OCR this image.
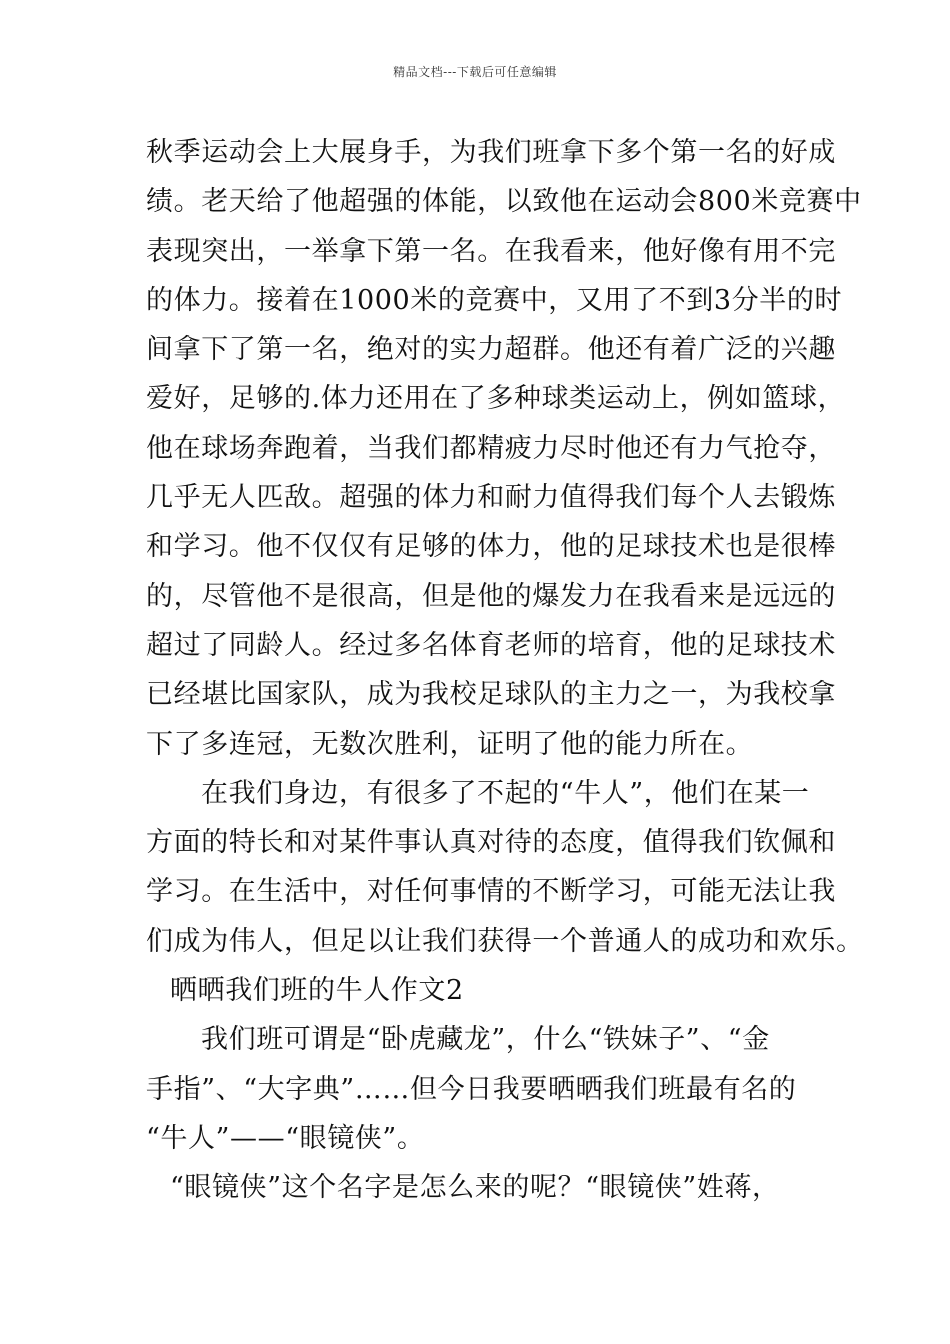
精品文档---下载后可任意编辑
秋季运动会上大展身手，为我们班拿下多个第一名的好成
绩。老天给了他超强的体能，以致他在运动会800米竞赛中
表现突出，一举拿下第一名。在我看来，他好像有用不完
的体力。接着在1000米的竞赛中，又用了不到3分半的时
间拿下了第一名，绝对的实力超群。他还有着广泛的兴趣
爱好，足够的.体力还用在了多种球类运动上，例如篮球，
他在球场奔跑着，当我们都精疲力尽时他还有力气抢夺，
几乎无人匹敌。超强的体力和耐力值得我们每个人去锻炼
和学习。他不仅仅有足够的体力，他的足球技术也是很棒
的，尽管他不是很高，但是他的爆发力在我看来是远远的
超过了同龄人。经过多名体育老师的培育，他的足球技术
已经堪比国家队，成为我校足球队的主力之一，为我校拿
下了多连冠，无数次胜利，证明了他的能力所在。
在我们身边，有很多了不起的“牛人”，他们在某一
方面的特长和对某件事认真对待的态度，值得我们钦佩和
学习。在生活中，对任何事情的不断学习，可能无法让我
们成为伟人，但足以让我们获得一个普通人的成功和欢乐。
晒晒我们班的牛人作文2
我们班可谓是“卧虎藏龙”，什么“铁妹子”、“金
手指”、“大字典”……但今日我要晒晒我们班最有名的
“牛人”——“眼镜侠”。
“眼镜侠”这个名字是怎么来的呢？“眼镜侠”姓蒋，
